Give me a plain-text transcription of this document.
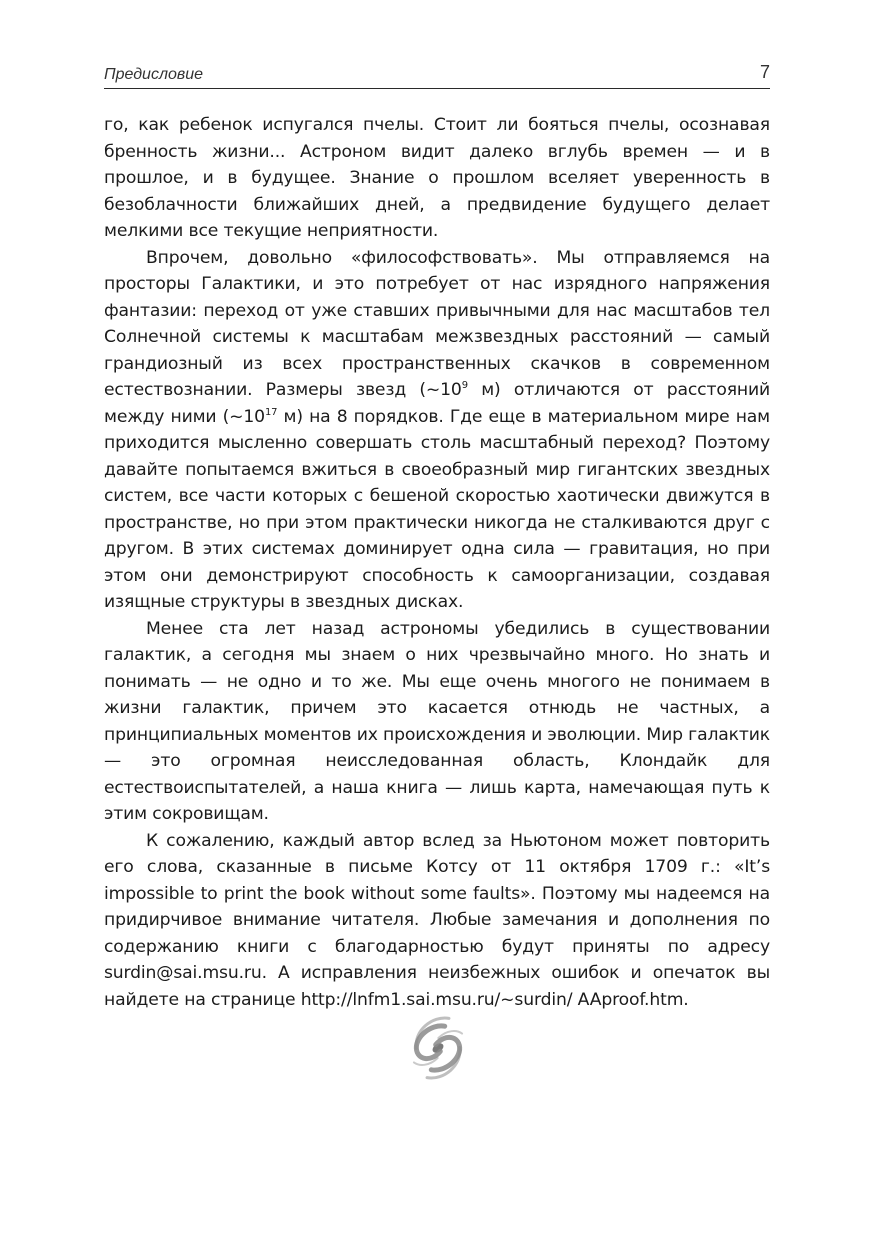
Предисловие	7

го, как ребенок испугался пчелы. Стоит ли бояться пчелы, осознавая бренность жизни... Астроном видит далеко вглубь времен — и в прошлое, и в будущее. Знание о прошлом вселяет уверенность в безоблачности ближайших дней, а предвидение будущего делает мелкими все текущие неприятности.

Впрочем, довольно «философствовать». Мы отправляемся на просторы Галактики, и это потребует от нас изрядного напряжения фантазии: переход от уже ставших привычными для нас масштабов тел Солнечной системы к масштабам межзвездных расстояний — самый грандиозный из всех пространственных скачков в современном естествознании. Размеры звезд ($\sim 10^9$ м) отличаются от расстояний между ними ($\sim 10^{17}$ м) на 8 порядков. Где еще в материальном мире нам приходится мысленно совершать столь масштабный переход? Поэтому давайте попытаемся вжиться в своеобразный мир гигантских звездных систем, все части которых с бешеной скоростью хаотически движутся в пространстве, но при этом практически никогда не сталкиваются друг с другом. В этих системах доминирует одна сила — гравитация, но при этом они демонстрируют способность к самоорганизации, создавая изящные структуры в звездных дисках.

Менее ста лет назад астрономы убедились в существовании галактик, а сегодня мы знаем о них чрезвычайно много. Но знать и понимать — не одно и то же. Мы еще очень многого не понимаем в жизни галактик, причем это касается отнюдь не частных, а принципиальных моментов их происхождения и эволюции. Мир галактик — это огромная неисследованная область, Клондайк для естествоиспытателей, а наша книга — лишь карта, намечающая путь к этим сокровищам.

К сожалению, каждый автор вслед за Ньютоном может повторить его слова, сказанные в письме Котсу от 11 октября 1709 г.: «It’s impossible to print the book without some faults». Поэтому мы надеемся на придирчивое внимание читателя. Любые замечания и дополнения по содержанию книги с благодарностью будут приняты по адресу surdin@sai.msu.ru. А исправления неизбежных ошибок и опечаток вы найдете на странице http://lnfm1.sai.msu.ru/~surdin/ AAproof.htm.
